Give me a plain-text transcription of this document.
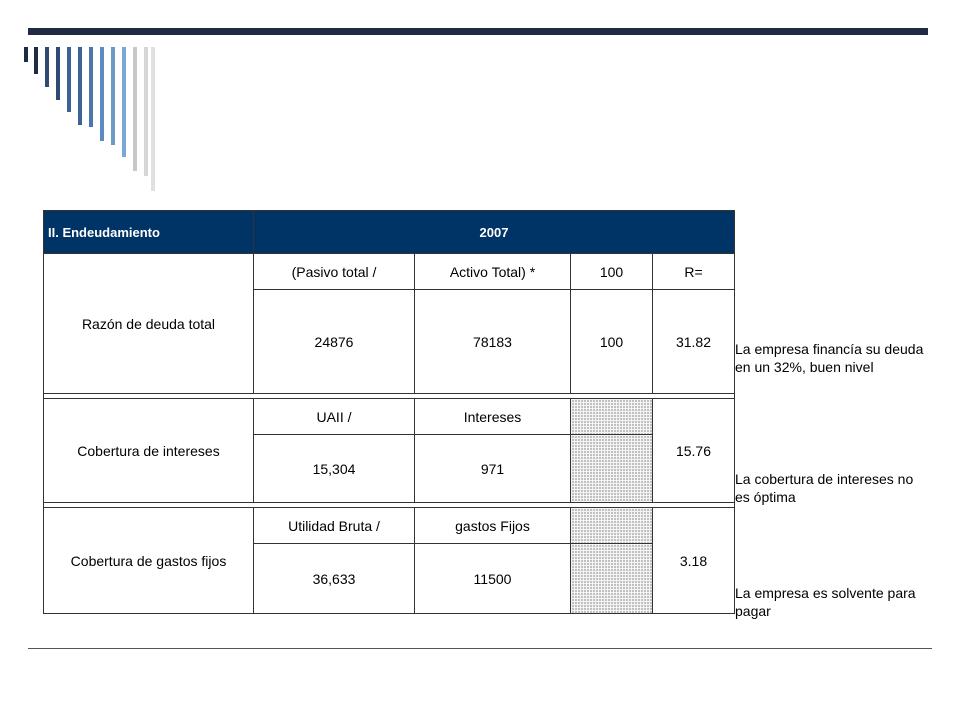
II. Endeudamiento	2007			
Razón de deuda total	(Pasivo total /	Activo Total) *	100	R=
	24876	78183	100	31.82

Cobertura de intereses	UAII /	Intereses		15.76
	15,304	971		

Cobertura de gastos fijos	Utilidad Bruta /	gastos Fijos		3.18
	36,633	11500		
La empresa financía su deuda en un 32%, buen nivel
La cobertura de intereses no es óptima
La empresa es solvente para pagar
